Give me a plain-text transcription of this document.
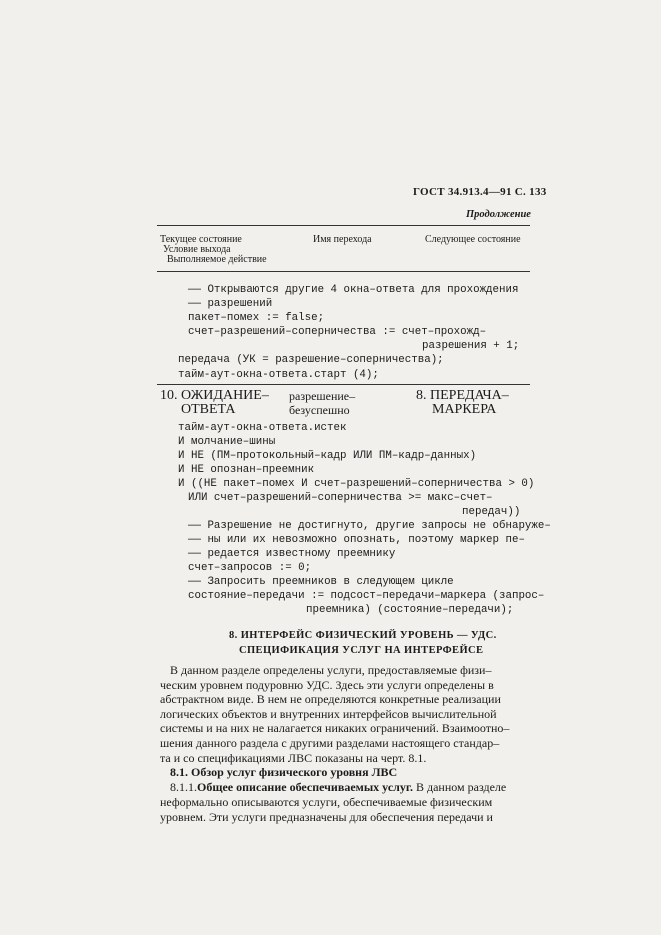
ГОСТ 34.913.4—91 С. 133
Продолжение
Текущее состояние
Условие выхода
Выполняемое действие
Имя перехода	Следующее состояние
—— Открываются другие 4 окна–ответа для прохождения
—— разрешений
пакет–помех := false;
счет–разрешений–соперничества := счет–прохожд–
разрешения + 1;
передача (УК = разрешение–соперничества);
тайм-аут-окна-ответа.старт (4);
10. ОЖИДАНИЕ–
ОТВЕТА
разрешение–
безуспешно
8. ПЕРЕДАЧА–
МАРКЕРА
тайм-аут-окна-ответа.истек
И молчание–шины
И НЕ (ПМ–протокольный–кадр ИЛИ ПМ–кадр–данных)
И НЕ опознан–преемник
И ((НЕ пакет–помех И счет–разрешений–соперничества > 0)
ИЛИ счет–разрешений–соперничества >= макс–счет–
передач))
—— Разрешение не достигнуто, другие запросы не обнаруже–
—— ны или их невозможно опознать, поэтому маркер пе–
—— редается известному преемнику
счет–запросов := 0;
—— Запросить преемников в следующем цикле
состояние–передачи := подсост–передачи–маркера (запрос–
преемника) (состояние–передачи);
8. ИНТЕРФЕЙС ФИЗИЧЕСКИЙ УРОВЕНЬ — УДС.
СПЕЦИФИКАЦИЯ УСЛУГ НА ИНТЕРФЕЙСЕ
В данном разделе определены услуги, предоставляемые физи–
ческим уровнем подуровню УДС. Здесь эти услуги определены в
абстрактном виде. В нем не определяются конкретные реализации
логических объектов и внутренних интерфейсов вычислительной
системы и на них не налагается никаких ограничений. Взаимоотно–
шения данного раздела с другими разделами настоящего стандар–
та и со спецификациями ЛВС показаны на черт. 8.1.
8.1. Обзор услуг физического уровня ЛВС
8.1.1.Общее описание обеспечиваемых услуг. В данном разделе
неформально описываются услуги, обеспечиваемые физическим
уровнем. Эти услуги предназначены для обеспечения передачи и
